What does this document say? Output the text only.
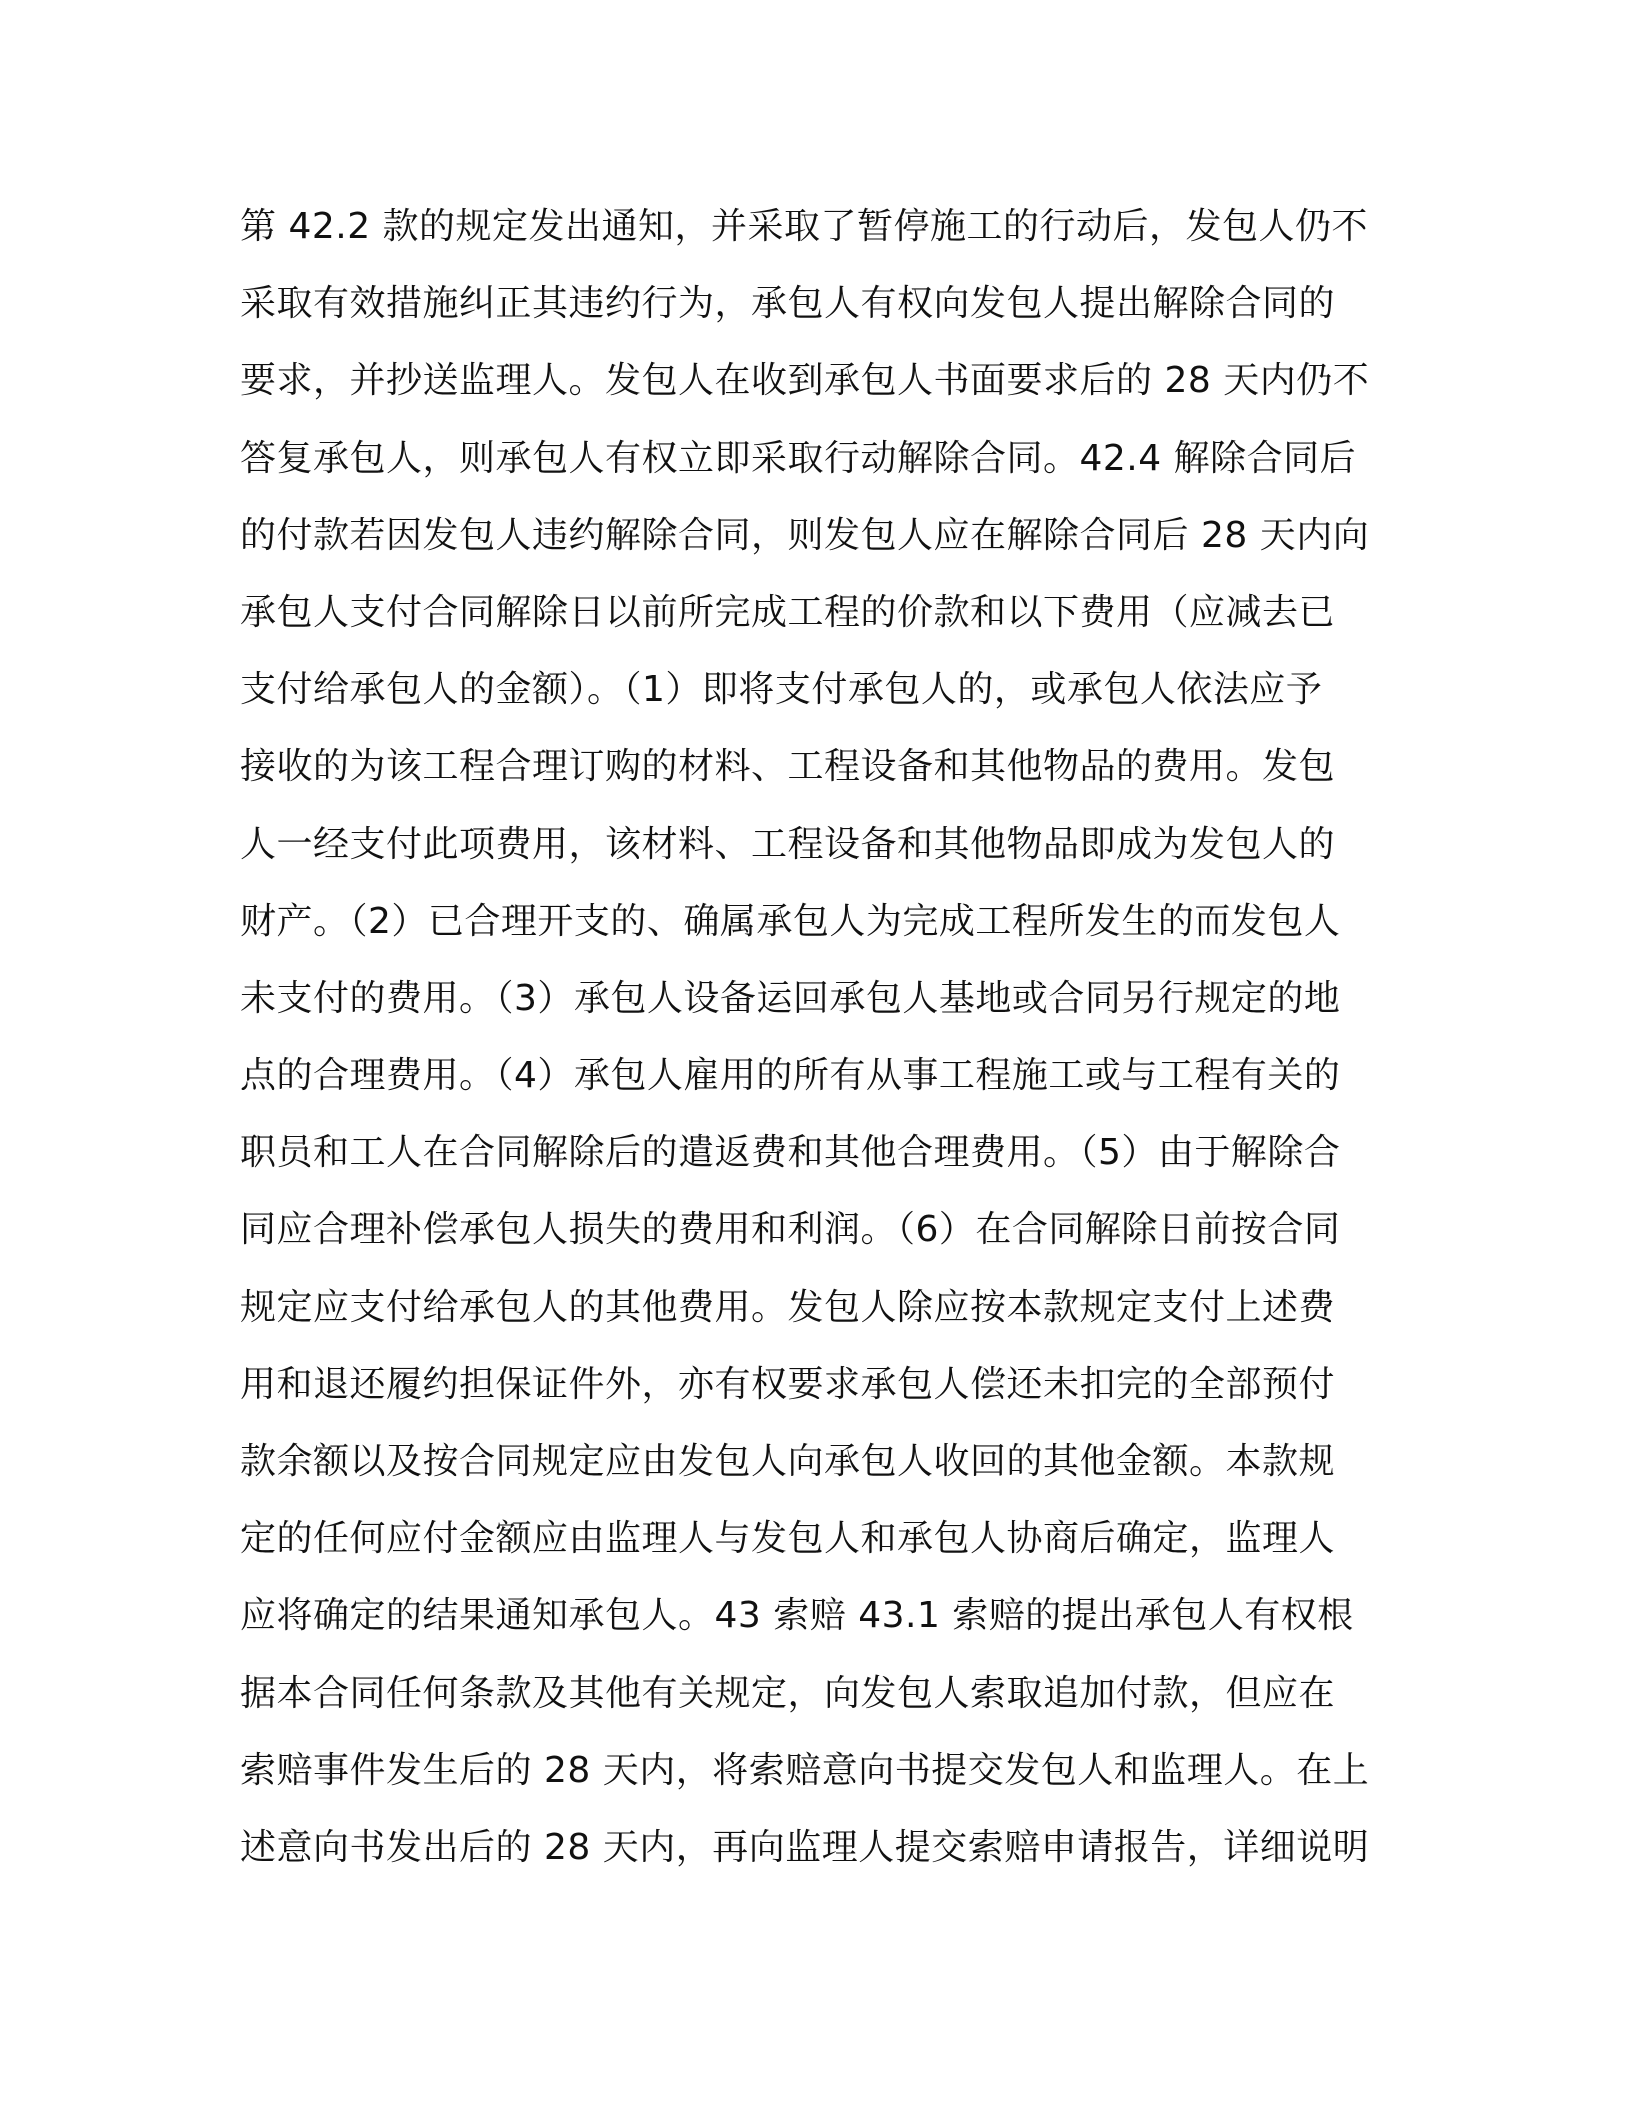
第 42.2 款的规定发出通知，并采取了暂停施工的行动后，发包人仍不
采取有效措施纠正其违约行为，承包人有权向发包人提出解除合同的
要求，并抄送监理人。发包人在收到承包人书面要求后的 28 天内仍不
答复承包人，则承包人有权立即采取行动解除合同。42.4 解除合同后
的付款若因发包人违约解除合同，则发包人应在解除合同后 28 天内向
承包人支付合同解除日以前所完成工程的价款和以下费用（应减去已
支付给承包人的金额）。（1）即将支付承包人的，或承包人依法应予
接收的为该工程合理订购的材料、工程设备和其他物品的费用。发包
人一经支付此项费用，该材料、工程设备和其他物品即成为发包人的
财产。（2）已合理开支的、确属承包人为完成工程所发生的而发包人
未支付的费用。（3）承包人设备运回承包人基地或合同另行规定的地
点的合理费用。（4）承包人雇用的所有从事工程施工或与工程有关的
职员和工人在合同解除后的遣返费和其他合理费用。（5）由于解除合
同应合理补偿承包人损失的费用和利润。（6）在合同解除日前按合同
规定应支付给承包人的其他费用。发包人除应按本款规定支付上述费
用和退还履约担保证件外，亦有权要求承包人偿还未扣完的全部预付
款余额以及按合同规定应由发包人向承包人收回的其他金额。本款规
定的任何应付金额应由监理人与发包人和承包人协商后确定，监理人
应将确定的结果通知承包人。43 索赔 43.1 索赔的提出承包人有权根
据本合同任何条款及其他有关规定，向发包人索取追加付款，但应在
索赔事件发生后的 28 天内，将索赔意向书提交发包人和监理人。在上
述意向书发出后的 28 天内，再向监理人提交索赔申请报告，详细说明
